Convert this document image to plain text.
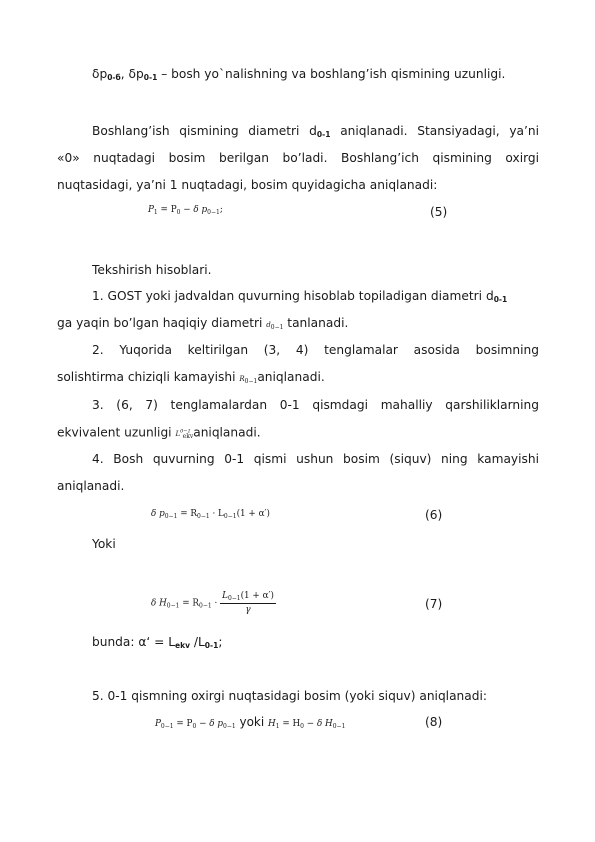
δp0-б, δp0-1 – bosh yo`nalishning va boshlang’ish qismining uzunligi.
Boshlang’ish qismining diametri d0-1 aniqlanadi. Stansiyadagi, ya’ni
«0» nuqtadagi bosim berilgan bo’ladi. Boshlang’ich qismining oxirgi
nuqtasidagi, ya’ni 1 nuqtadagi, bosim quyidagicha aniqlanadi:
$P_1 = P_0 - \delta$ $p_{0-1}$;	(5)
Tekshirish hisoblari.
1. GOST yoki jadvaldan quvurning hisoblab topiladigan diametri d0-1
ga yaqin bo’lgan haqiqiy diametri d0−1 tanlanadi.
2. Yuqorida keltirilgan (3, 4) tenglamalar asosida bosimning
solishtirma chiziqli kamayishi R0−1aniqlanadi.
3. (6, 7) tenglamalardan 0-1 qismdagi mahalliy qarshiliklarning
ekvivalent uzunligi $L^{0-1}ekvaniqlanadi$.
4. Bosh quvurning 0-1 qismi ushun bosim (siquv) ning kamayishi
aniqlanadi.
δ $p_{0-1} = R_{0-1} \cdot L_{0-1}(1 + \alpha')$	(6)
Yoki
δ $H_{0-1} = R_{0-1} \cdot \frac{L_{0-1}(1 + \alpha')}{\gamma}$	(7)
bunda: α‘ = Lekv /L0-1;
5. 0-1 qismning oxirgi nuqtasidagi bosim (yoki siquv) aniqlanadi:
$P_{0-1} = P_0 - \delta$ $p_{0-1}$ yoki $H_1 = H_0 - \delta$ $H_{0-1}$	(8)
